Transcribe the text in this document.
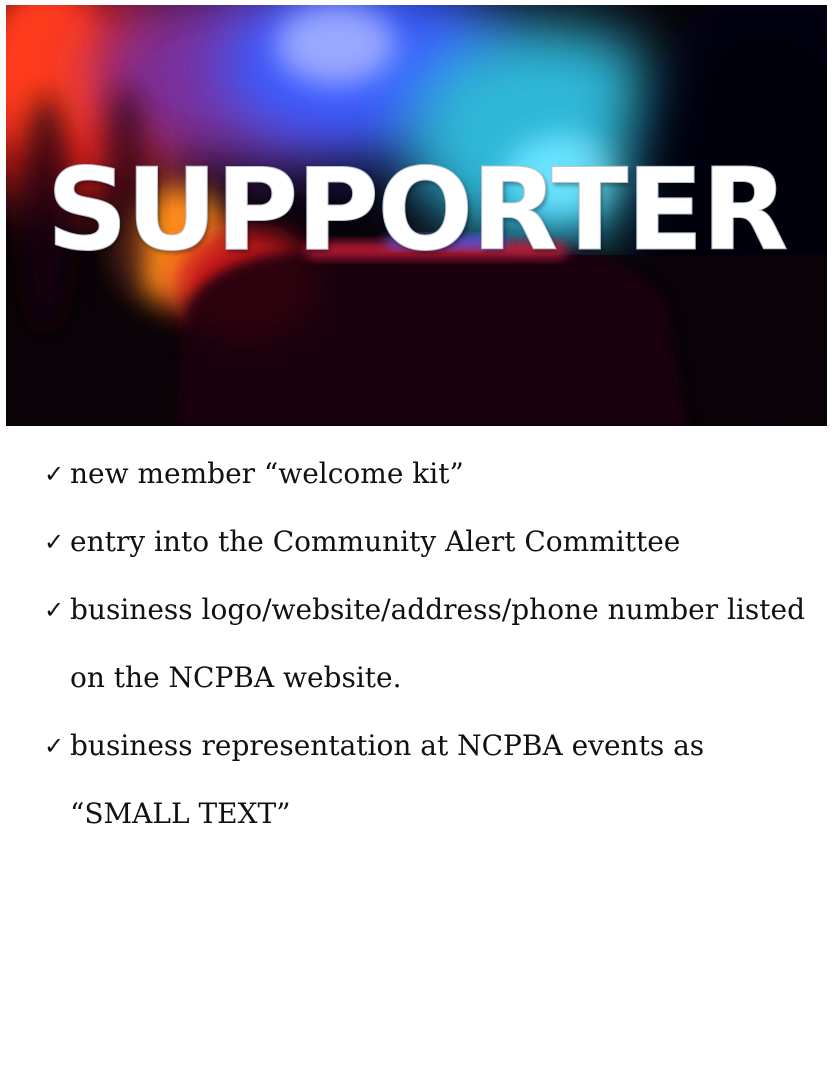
SUPPORTER
✓ new member “welcome kit”
✓ entry into the Community Alert Committee
✓ business logo/website/address/phone number listed on the NCPBA website.
✓ business representation at NCPBA events as “SMALL TEXT”
